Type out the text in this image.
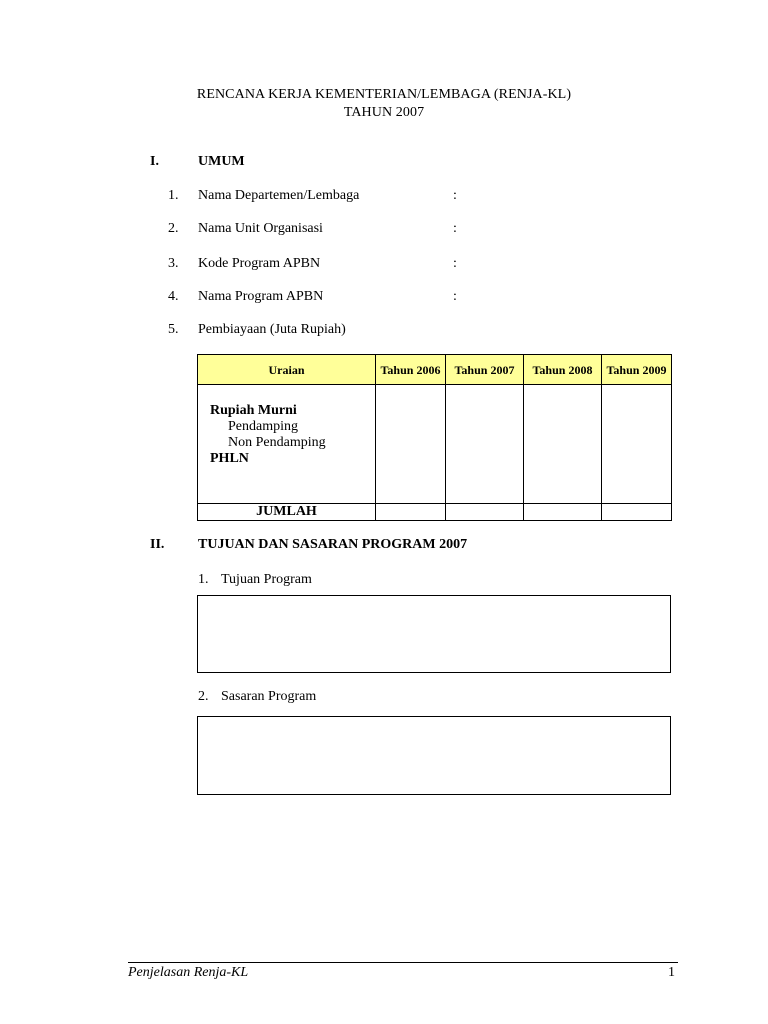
RENCANA KERJA KEMENTERIAN/LEMBAGA (RENJA-KL)
TAHUN 2007
I.	UMUM
1. Nama Departemen/Lembaga	:
2. Nama Unit Organisasi	:
3. Kode Program APBN	:
4. Nama Program APBN	:
5. Pembiayaan (Juta Rupiah)
Uraian	Tahun 2006	Tahun 2007	Tahun 2008	Tahun 2009

Rupiah Murni
Pendamping
Non Pendamping
PHLN				

JUMLAH				
II. TUJUAN DAN SASARAN PROGRAM 2007
1. Tujuan Program
2. Sasaran Program
Penjelasan Renja-KL	1
